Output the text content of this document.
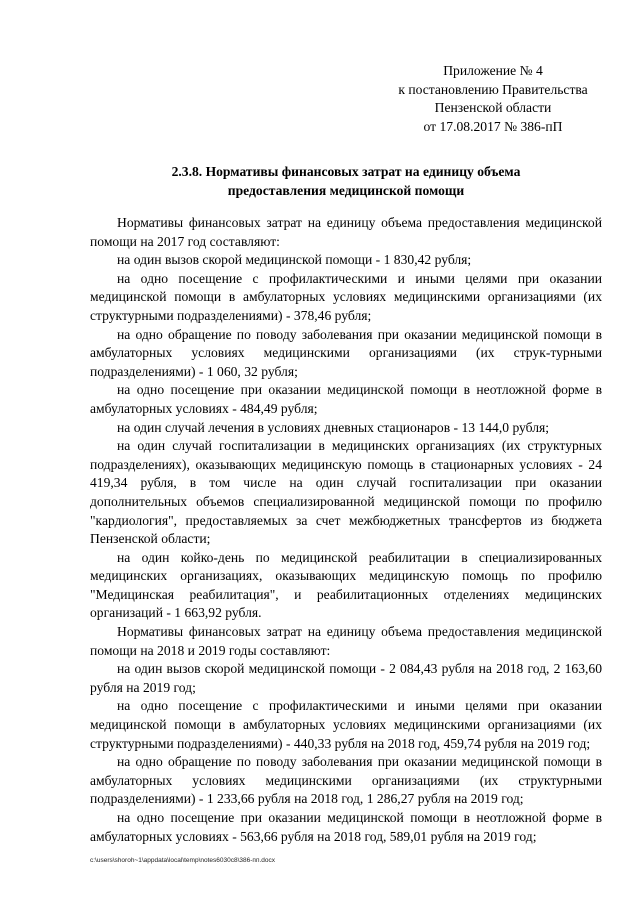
Приложение № 4
к постановлению Правительства
Пензенской области
от 17.08.2017 № 386-пП
2.3.8. Нормативы финансовых затрат на единицу объема
предоставления медицинской помощи

Нормативы финансовых затрат на единицу объема предоставления медицинской помощи на 2017 год составляют:

на один вызов скорой медицинской помощи - 1 830,42 рубля;

на одно посещение с профилактическими и иными целями при оказании медицинской помощи в амбулаторных условиях медицинскими организациями (их структурными подразделениями) - 378,46 рубля;

на одно обращение по поводу заболевания при оказании медицинской помощи в амбулаторных условиях медицинскими организациями (их струк-турными подразделениями) - 1 060, 32 рубля;

на одно посещение при оказании медицинской помощи в неотложной форме в амбулаторных условиях - 484,49 рубля;

на один случай лечения в условиях дневных стационаров - 13 144,0 рубля;

на один случай госпитализации в медицинских организациях (их структурных подразделениях), оказывающих медицинскую помощь в стационарных условиях - 24 419,34 рубля, в том числе на один случай госпитализации при оказании дополнительных объемов специализированной медицинской помощи по профилю "кардиология", предоставляемых за счет межбюджетных трансфертов из бюджета Пензенской области;

на один койко-день по медицинской реабилитации в специализированных медицинских организациях, оказывающих медицинскую помощь по профилю "Медицинская реабилитация", и реабилитационных отделениях медицинских организаций - 1 663,92 рубля.

Нормативы финансовых затрат на единицу объема предоставления медицинской помощи на 2018 и 2019 годы составляют:

на один вызов скорой медицинской помощи - 2 084,43 рубля на 2018 год, 2 163,60 рубля на 2019 год;

на одно посещение с профилактическими и иными целями при оказании медицинской помощи в амбулаторных условиях медицинскими организациями (их структурными подразделениями) - 440,33 рубля на 2018 год, 459,74 рубля на 2019 год;

на одно обращение по поводу заболевания при оказании медицинской помощи в амбулаторных условиях медицинскими организациями (их структурными подразделениями) - 1 233,66 рубля на 2018 год, 1 286,27 рубля на 2019 год;

на одно посещение при оказании медицинской помощи в неотложной форме в амбулаторных условиях - 563,66 рубля на 2018 год, 589,01 рубля на 2019 год;

c:\users\shoroh~1\appdata\local\temp\notes6030c8\386-пп.docx
